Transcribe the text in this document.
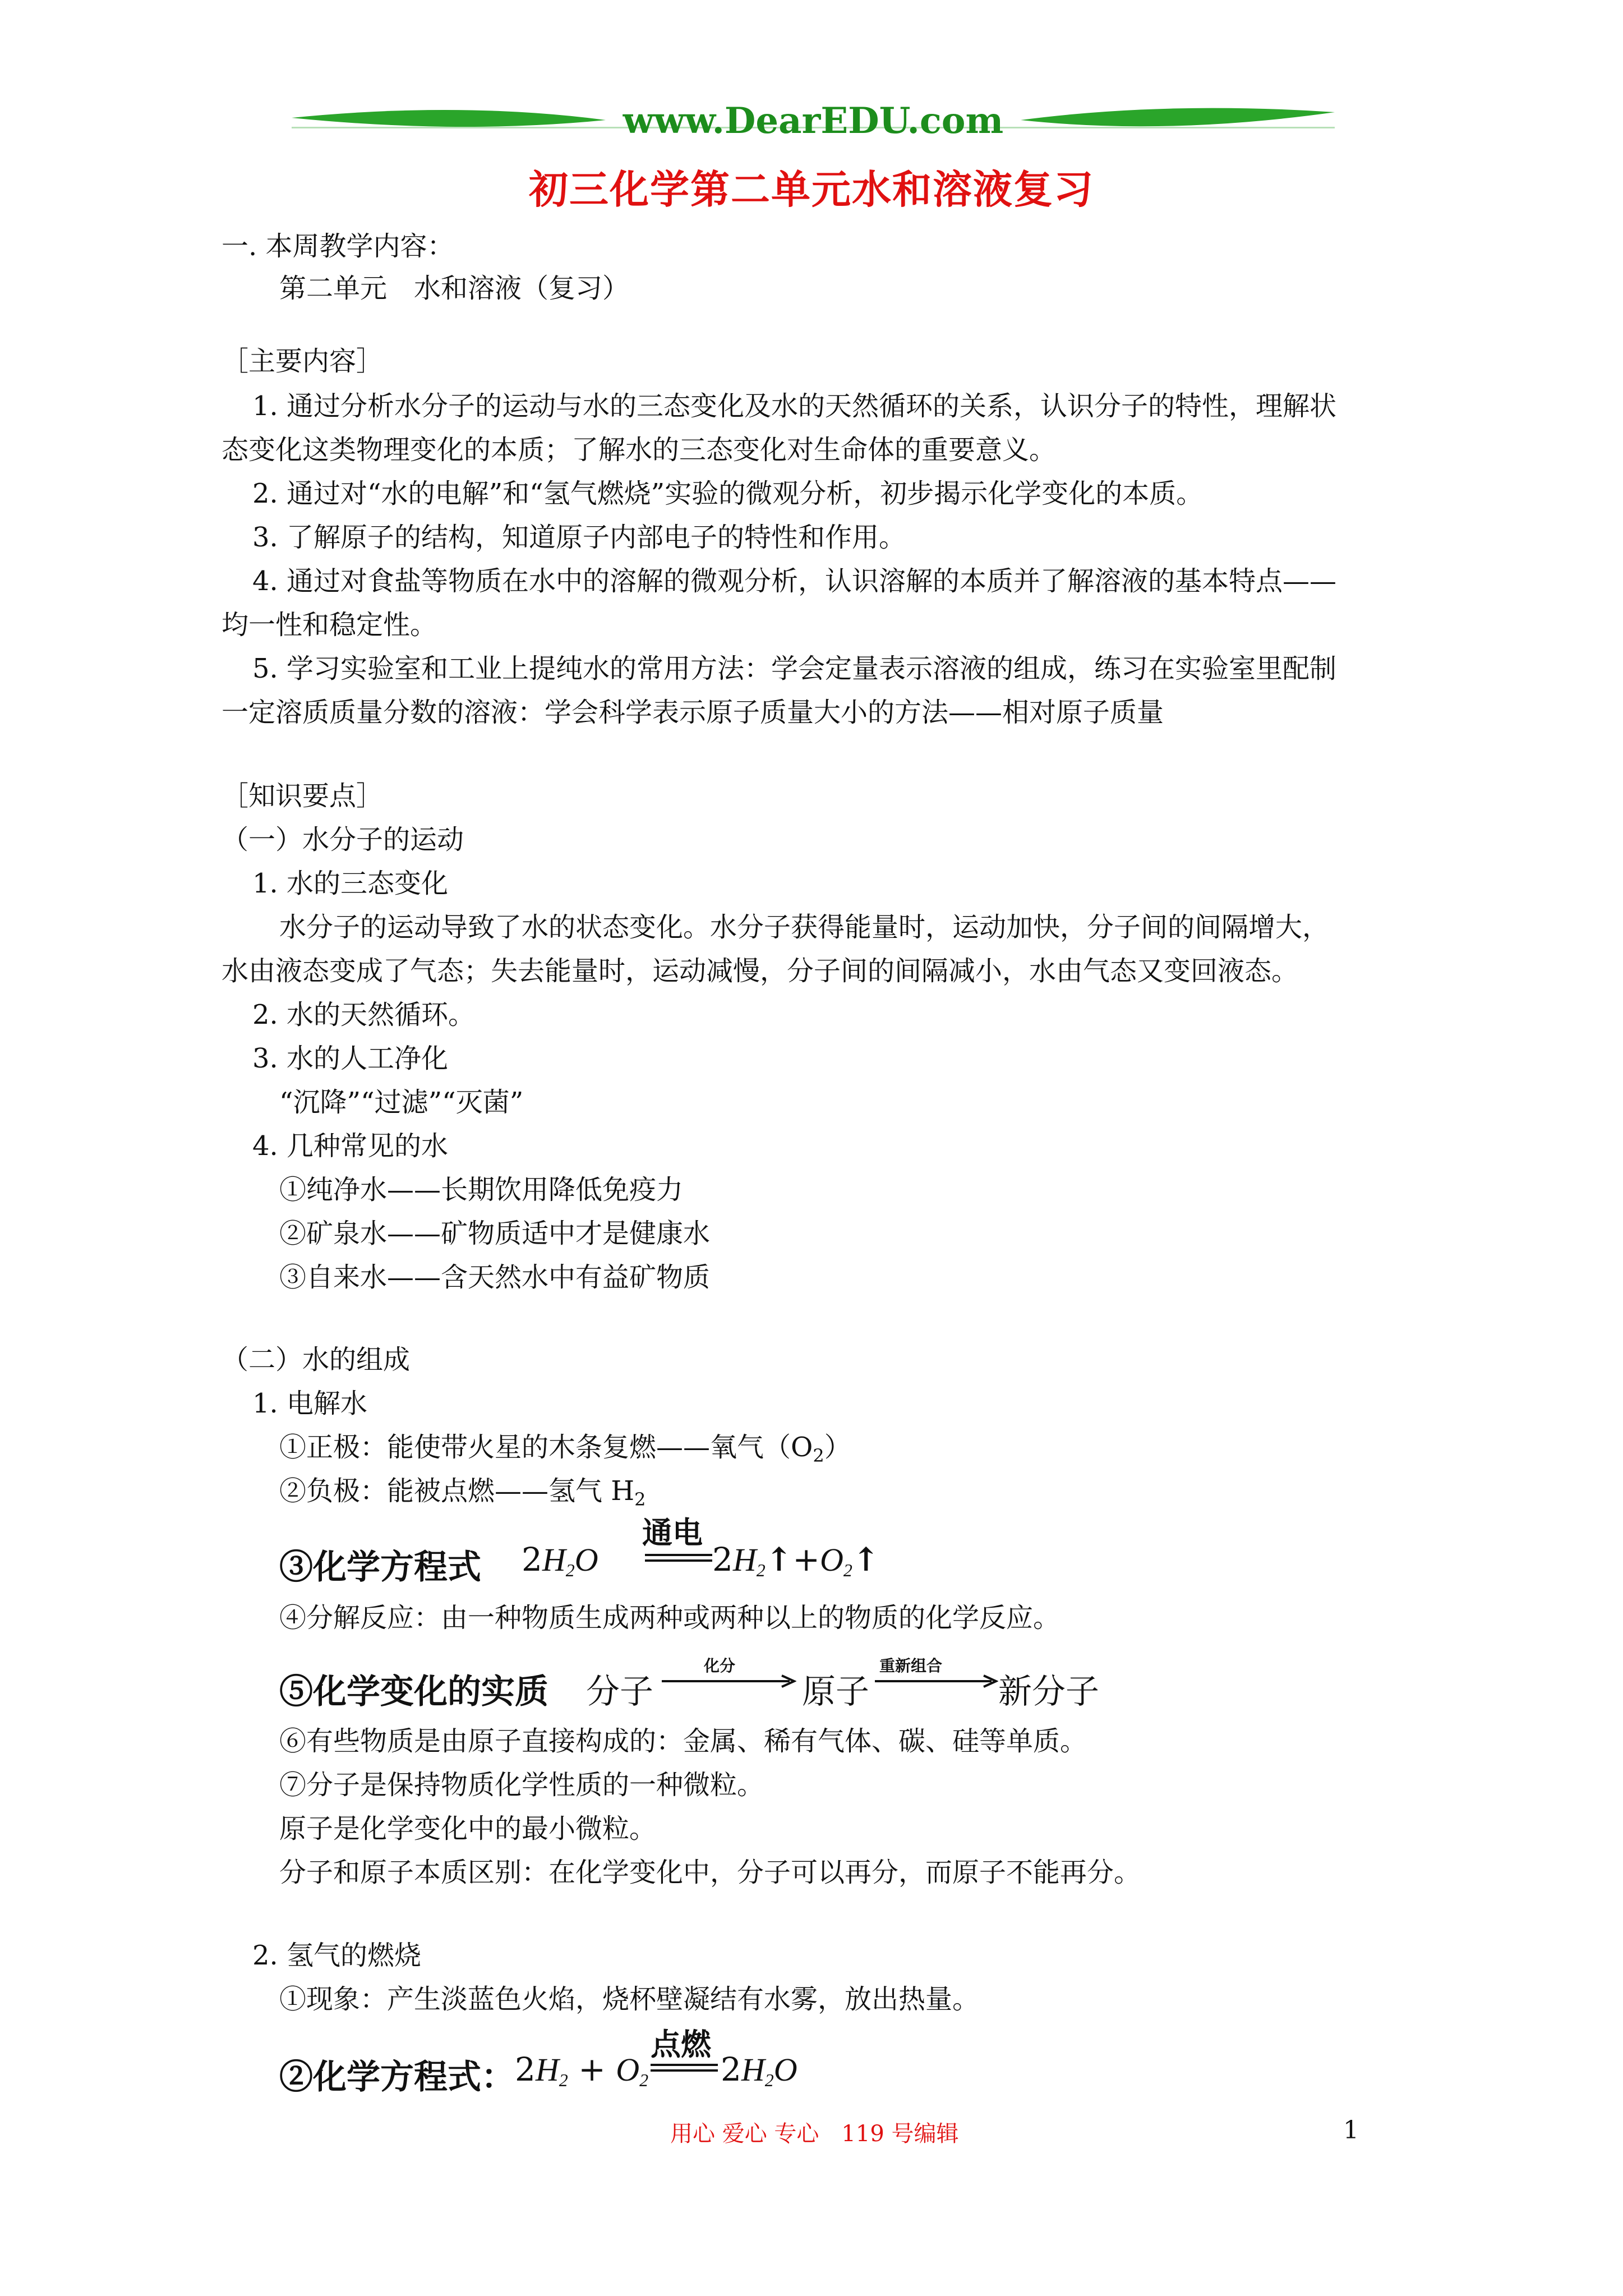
www.DearEDU.com
初三化学第二单元水和溶液复习
一. 本周教学内容：
第二单元　水和溶液（复习）
［主要内容］
1. 通过分析水分子的运动与水的三态变化及水的天然循环的关系，认识分子的特性，理解状
态变化这类物理变化的本质；了解水的三态变化对生命体的重要意义。
2. 通过对“水的电解”和“氢气燃烧”实验的微观分析，初步揭示化学变化的本质。
3. 了解原子的结构，知道原子内部电子的特性和作用。
4. 通过对食盐等物质在水中的溶解的微观分析，认识溶解的本质并了解溶液的基本特点——
均一性和稳定性。
5. 学习实验室和工业上提纯水的常用方法：学会定量表示溶液的组成，练习在实验室里配制
一定溶质质量分数的溶液：学会科学表示原子质量大小的方法——相对原子质量
［知识要点］
（一）水分子的运动
1. 水的三态变化
水分子的运动导致了水的状态变化。水分子获得能量时，运动加快，分子间的间隔增大，
水由液态变成了气态；失去能量时，运动减慢，分子间的间隔减小，水由气态又变回液态。
2. 水的天然循环。
3. 水的人工净化
“沉降”“过滤”“灭菌”
4. 几种常见的水
①纯净水——长期饮用降低免疫力
②矿泉水——矿物质适中才是健康水
③自来水——含天然水中有益矿物质
（二）水的组成
1. 电解水
①正极：能使带火星的木条复燃——氧气$(O_2)$
②负极：能被点燃——氢气 $H_2$
③化学方程式 $2H_2O$
通电
$2H_2↑+O_2↑$
④分解反应：由一种物质生成两种或两种以上的物质的化学反应。
⑤化学变化的实质 分子
化分
原子
重新组合
新分子
⑥有些物质是由原子直接构成的：金属、稀有气体、碳、硅等单质。
⑦分子是保持物质化学性质的一种微粒。
原子是化学变化中的最小微粒。
分子和原子本质区别：在化学变化中，分子可以再分，而原子不能再分。
2. 氢气的燃烧
①现象：产生淡蓝色火焰，烧杯壁凝结有水雾，放出热量。
②化学方程式： $2H_2 + O_2$
点燃
$2H_2O$
用心 爱心 专心　119 号编辑	1
